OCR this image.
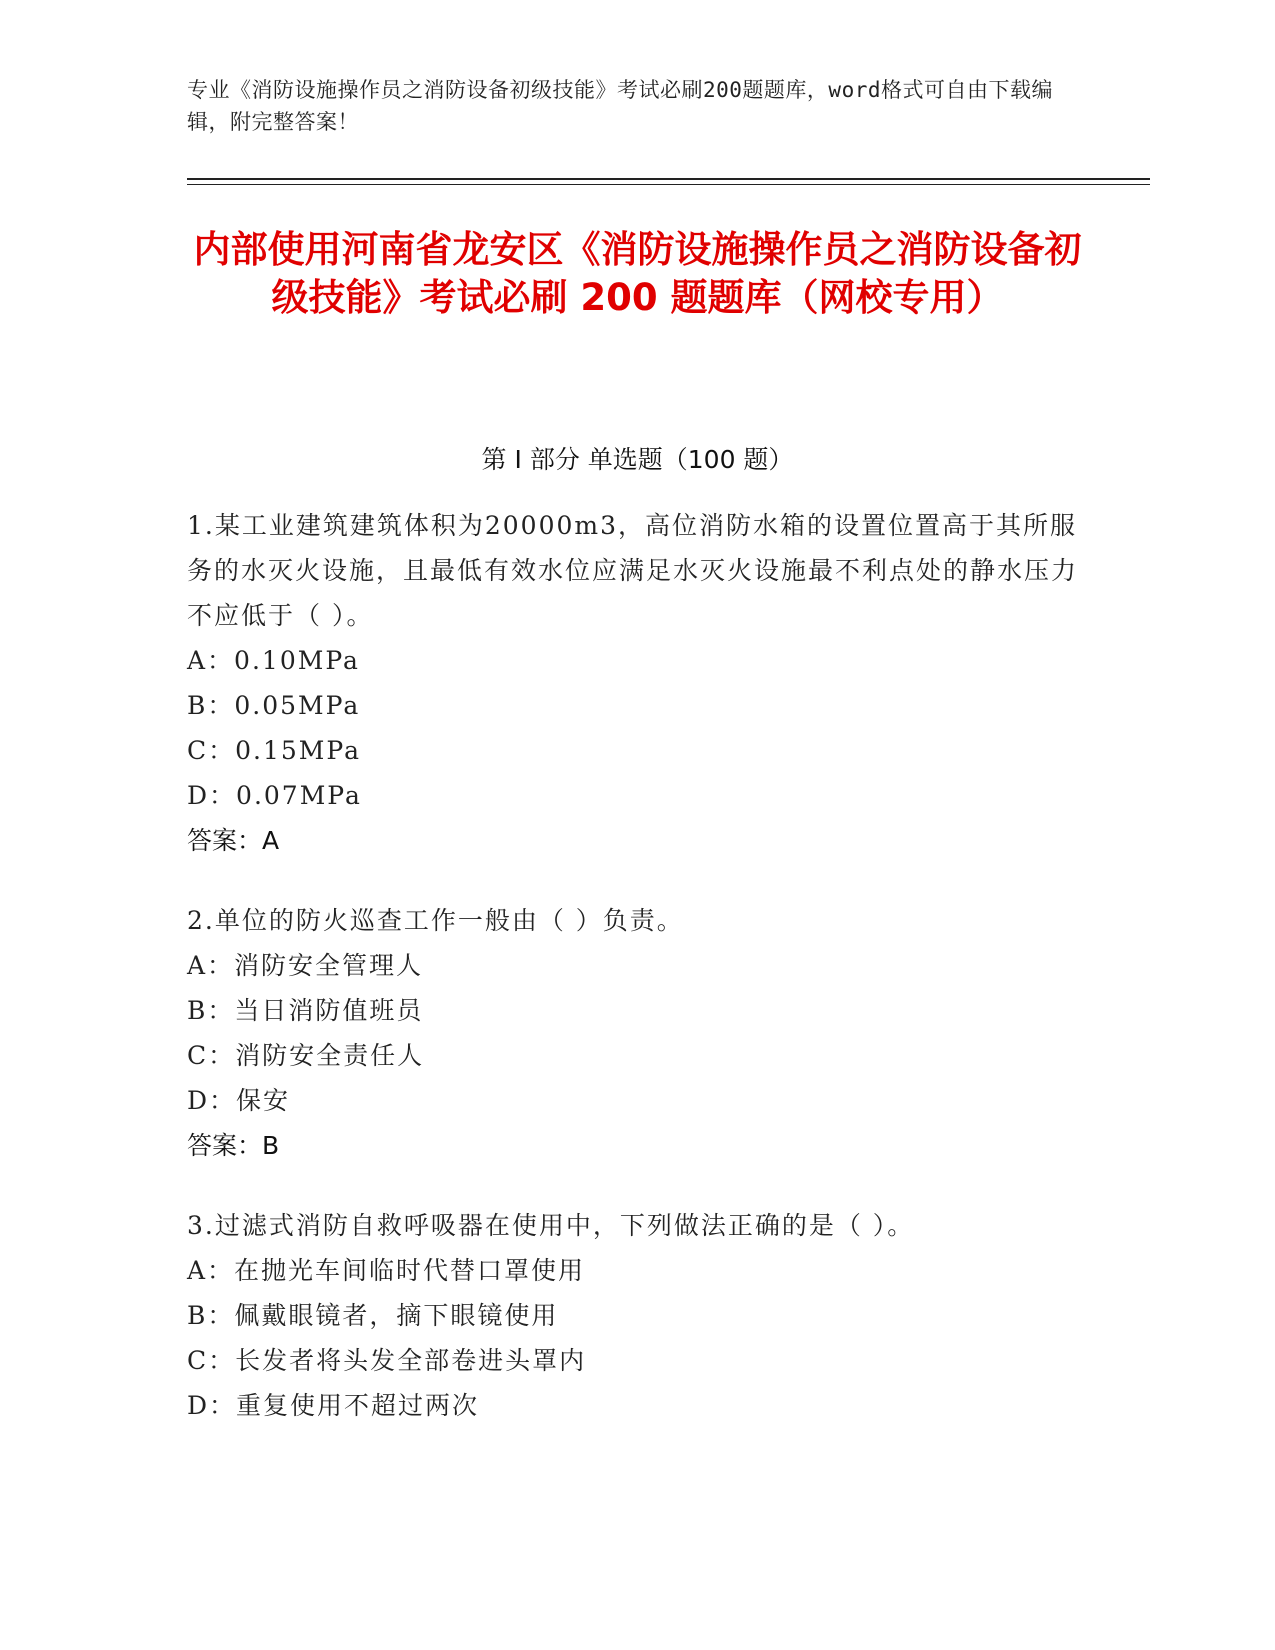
专业《消防设施操作员之消防设备初级技能》考试必刷200题题库，word格式可自由下载编辑，附完整答案！
内部使用河南省龙安区《消防设施操作员之消防设备初级技能》考试必刷 200 题题库（网校专用）
第 I 部分 单选题（100 题）

1.某工业建筑建筑体积为20000m3，高位消防水箱的设置位置高于其所服务的水灭火设施，且最低有效水位应满足水灭火设施最不利点处的静水压力不应低于（ ）。

A：0.10MPa

B：0.05MPa

C：0.15MPa

D：0.07MPa

答案：A

2.单位的防火巡查工作一般由（ ）负责。

A：消防安全管理人

B：当日消防值班员

C：消防安全责任人

D：保安

答案：B

3.过滤式消防自救呼吸器在使用中，下列做法正确的是（ ）。

A：在抛光车间临时代替口罩使用

B：佩戴眼镜者，摘下眼镜使用

C：长发者将头发全部卷进头罩内

D：重复使用不超过两次
